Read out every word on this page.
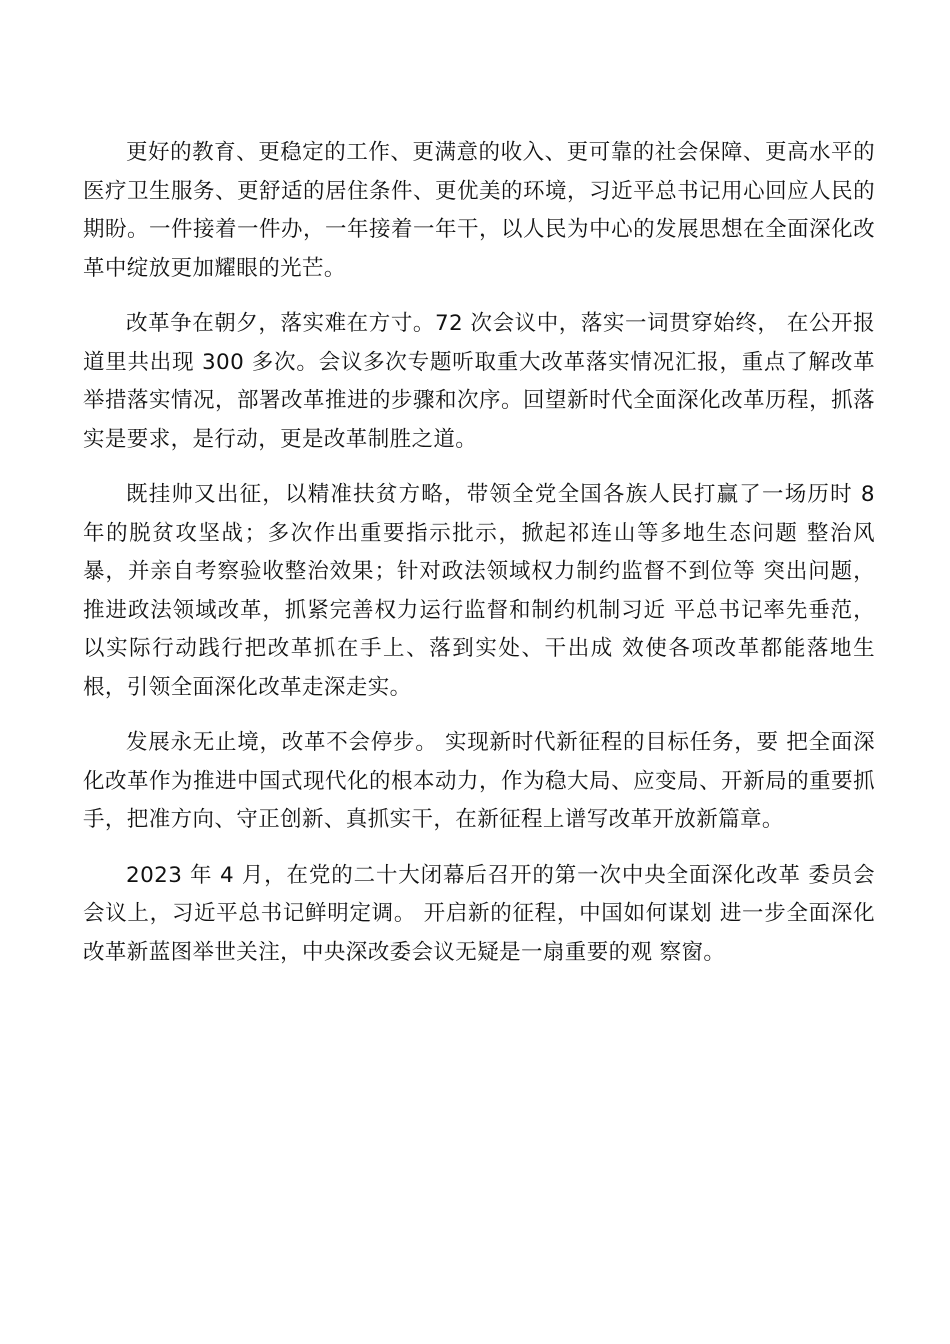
更好的教育、更稳定的工作、更满意的收入、更可靠的社会保障、更高水平的医疗卫生服务、更舒适的居住条件、更优美的环境，习近平总书记用心回应人民的期盼。一件接着一件办，一年接着一年干，以人民为中心的发展思想在全面深化改革中绽放更加耀眼的光芒。

改革争在朝夕，落实难在方寸。72 次会议中，落实一词贯穿始终， 在公开报道里共出现 300 多次。会议多次专题听取重大改革落实情况汇报，重点了解改革举措落实情况，部署改革推进的步骤和次序。回望新时代全面深化改革历程，抓落实是要求，是行动，更是改革制胜之道。

既挂帅又出征，以精准扶贫方略，带领全党全国各族人民打赢了一场历时 8 年的脱贫攻坚战；多次作出重要指示批示，掀起祁连山等多地生态问题 整治风暴，并亲自考察验收整治效果；针对政法领域权力制约监督不到位等 突出问题，推进政法领域改革，抓紧完善权力运行监督和制约机制习近 平总书记率先垂范，以实际行动践行把改革抓在手上、落到实处、干出成 效使各项改革都能落地生根，引领全面深化改革走深走实。

发展永无止境，改革不会停步。 实现新时代新征程的目标任务，要 把全面深化改革作为推进中国式现代化的根本动力，作为稳大局、应变局、开新局的重要抓手，把准方向、守正创新、真抓实干，在新征程上谱写改革开放新篇章。

2023 年 4 月，在党的二十大闭幕后召开的第一次中央全面深化改革 委员会会议上，习近平总书记鲜明定调。 开启新的征程，中国如何谋划 进一步全面深化改革新蓝图举世关注，中央深改委会议无疑是一扇重要的观 察窗。
